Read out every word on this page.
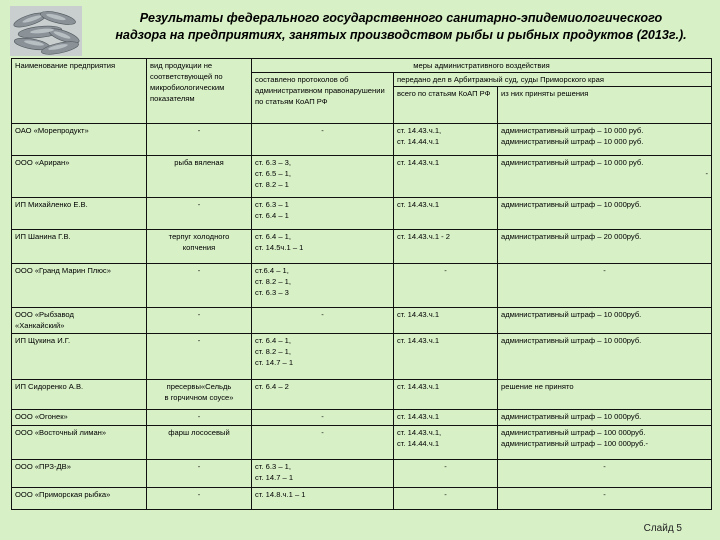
Результаты федерального государственного санитарно-эпидемиологического
надзора на предприятиях, занятых производством рыбы и рыбных продуктов (2013г.).
Наименование предприятия	вид продукции не соответствующей по микробиологическим показателям	меры административного воздействия		
		составлено протоколов об административном правонарушении по статьям КоАП РФ	передано дел в Арбитражный суд, суды Приморского края	
			всего по статьям КоАП РФ	из них приняты решения

ОАО «Морепродукт»	-	-	ст. 14.43.ч.1,
ст. 14.44.ч.1	административный штраф – 10 000 руб.
административный штраф – 10 000 руб.

ООО «Ариран»	рыба вяленая	ст. 6.3 – 3,
ст. 6.5 – 1,
ст. 8.2 – 1	ст. 14.43.ч.1	административный штраф – 10 000 руб.
-

ИП Михайленко Е.В.	-	ст. 6.3 – 1
ст. 6.4 – 1	ст. 14.43.ч.1	административный штраф – 10 000руб.

ИП Шанина Г.В.	терпуг холодного
копчения	ст. 6.4 – 1,
ст. 14.5ч.1 – 1	ст. 14.43.ч.1 - 2	административный штраф – 20 000руб.

ООО «Гранд Марин Плюс»	-	ст.6.4 – 1,
ст. 8.2 – 1,
ст. 6.3 – 3	-	-

ООО «Рыбзавод
«Ханкайский»	-	-	ст. 14.43.ч.1	административный штраф – 10 000руб.

ИП Щукина И.Г.	-	ст. 6.4 – 1,
ст. 8.2 – 1,
ст. 14.7 – 1	ст. 14.43.ч.1	административный штраф – 10 000руб.

ИП Сидоренко А.В.	пресервы«Сельдь
в горчичном соусе»	ст. 6.4 – 2	ст. 14.43.ч.1	решение не принято

ООО «Огонек»	-	-	ст. 14.43.ч.1	административный штраф – 10 000руб.

ООО «Восточный лиман»	фарш лососевый	-	ст. 14.43.ч.1,
ст. 14.44.ч.1	административный штраф – 100 000руб.
административный штраф – 100 000руб.-

ООО «ПРЗ-ДВ»	-	ст. 6.3 – 1,
ст. 14.7 – 1	-	-

ООО «Приморская рыбка»	-	ст. 14.8.ч.1 – 1	-	-
Слайд 5
